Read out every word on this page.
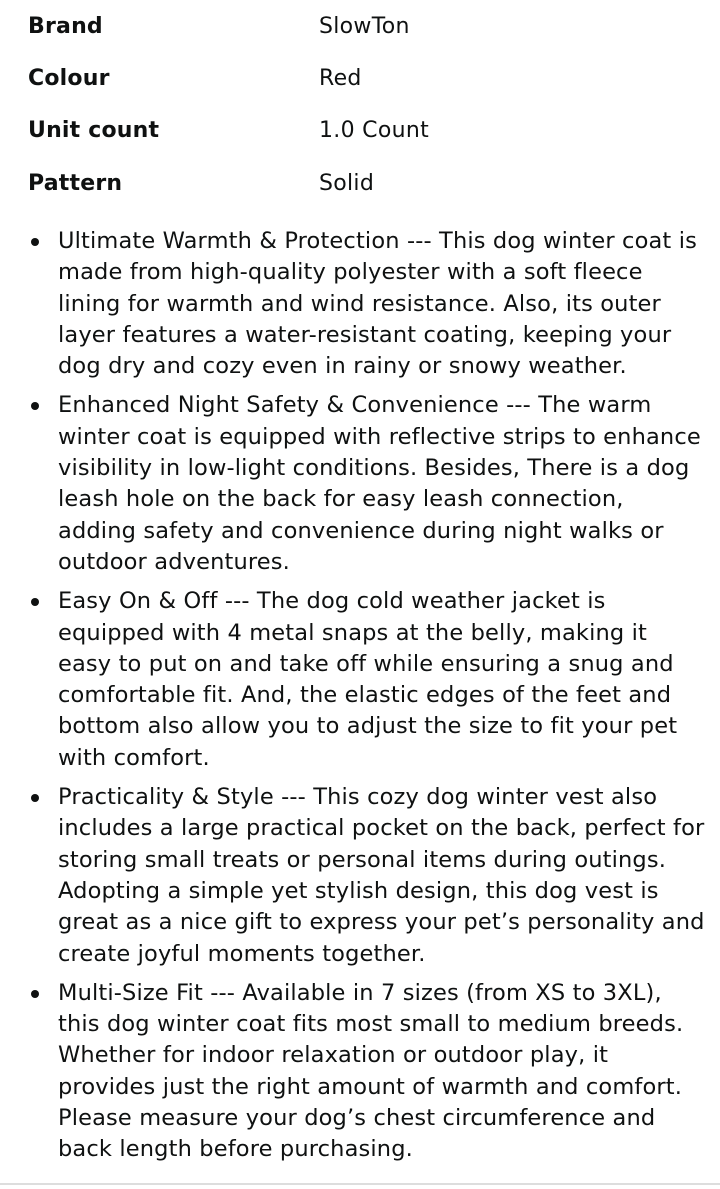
Brand	SlowTon
Colour	Red
Unit count	1.0 Count
Pattern	Solid
Ultimate Warmth & Protection --- This dog winter coat is made from high-quality polyester with a soft fleece lining for warmth and wind resistance. Also, its outer layer features a water-resistant coating, keeping your dog dry and cozy even in rainy or snowy weather.
Enhanced Night Safety & Convenience --- The warm winter coat is equipped with reflective strips to enhance visibility in low-light conditions. Besides, There is a dog leash hole on the back for easy leash connection, adding safety and convenience during night walks or outdoor adventures.
Easy On & Off --- The dog cold weather jacket is equipped with 4 metal snaps at the belly, making it easy to put on and take off while ensuring a snug and comfortable fit. And, the elastic edges of the feet and bottom also allow you to adjust the size to fit your pet with comfort.
Practicality & Style --- This cozy dog winter vest also includes a large practical pocket on the back, perfect for storing small treats or personal items during outings. Adopting a simple yet stylish design, this dog vest is great as a nice gift to express your pet’s personality and create joyful moments together.
Multi-Size Fit --- Available in 7 sizes (from XS to 3XL), this dog winter coat fits most small to medium breeds. Whether for indoor relaxation or outdoor play, it provides just the right amount of warmth and comfort. Please measure your dog’s chest circumference and back length before purchasing.
